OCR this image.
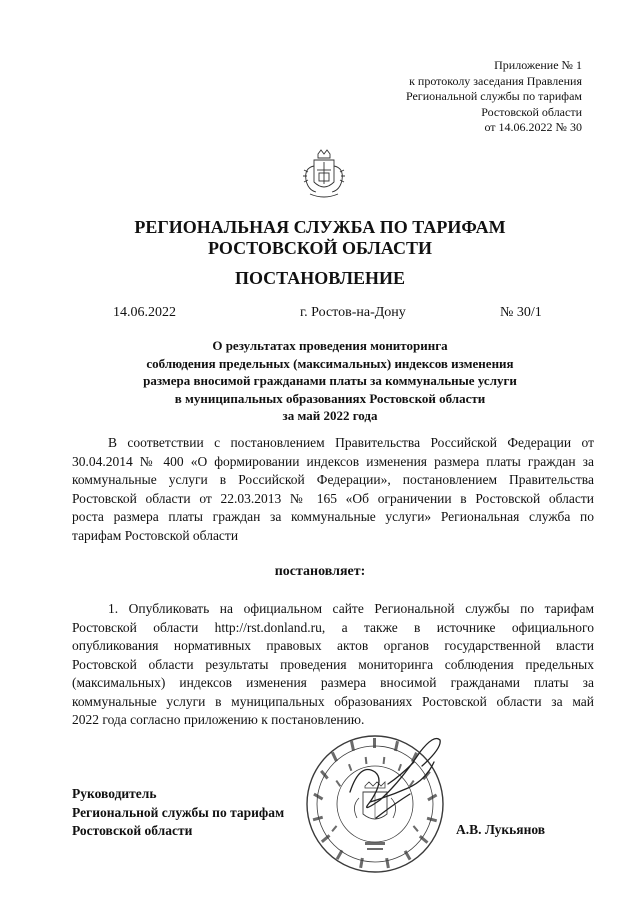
Приложение № 1
к протоколу заседания Правления
Региональной службы по тарифам
Ростовской области
от 14.06.2022 № 30
РЕГИОНАЛЬНАЯ СЛУЖБА ПО ТАРИФАМ
РОСТОВСКОЙ ОБЛАСТИ
ПОСТАНОВЛЕНИЕ
14.06.2022	г. Ростов-на-Дону	№ 30/1
О результатах проведения мониторинга
соблюдения предельных (максимальных) индексов изменения
размера вносимой гражданами платы за коммунальные услуги
в муниципальных образованиях Ростовской области
за май 2022 года
В соответствии с постановлением Правительства Российской Федерации от
30.04.2014 № 400 «О формировании индексов изменения размера платы граждан за
коммунальные услуги в Российской Федерации», постановлением Правительства
Ростовской области от 22.03.2013 № 165 «Об ограничении в Ростовской области
роста размера платы граждан за коммунальные услуги» Региональная служба по
тарифам Ростовской области
постановляет:
1. Опубликовать на официальном сайте Региональной службы по тарифам
Ростовской области http://rst.donland.ru, а также в источнике официального
опубликования нормативных правовых актов органов государственной власти
Ростовской области результаты проведения мониторинга соблюдения предельных
(максимальных) индексов изменения размера вносимой гражданами платы за
коммунальные услуги в муниципальных образованиях Ростовской области за май
2022 года согласно приложению к постановлению.
Руководитель
Региональной службы по тарифам
Ростовской области	А.В. Лукьянов
